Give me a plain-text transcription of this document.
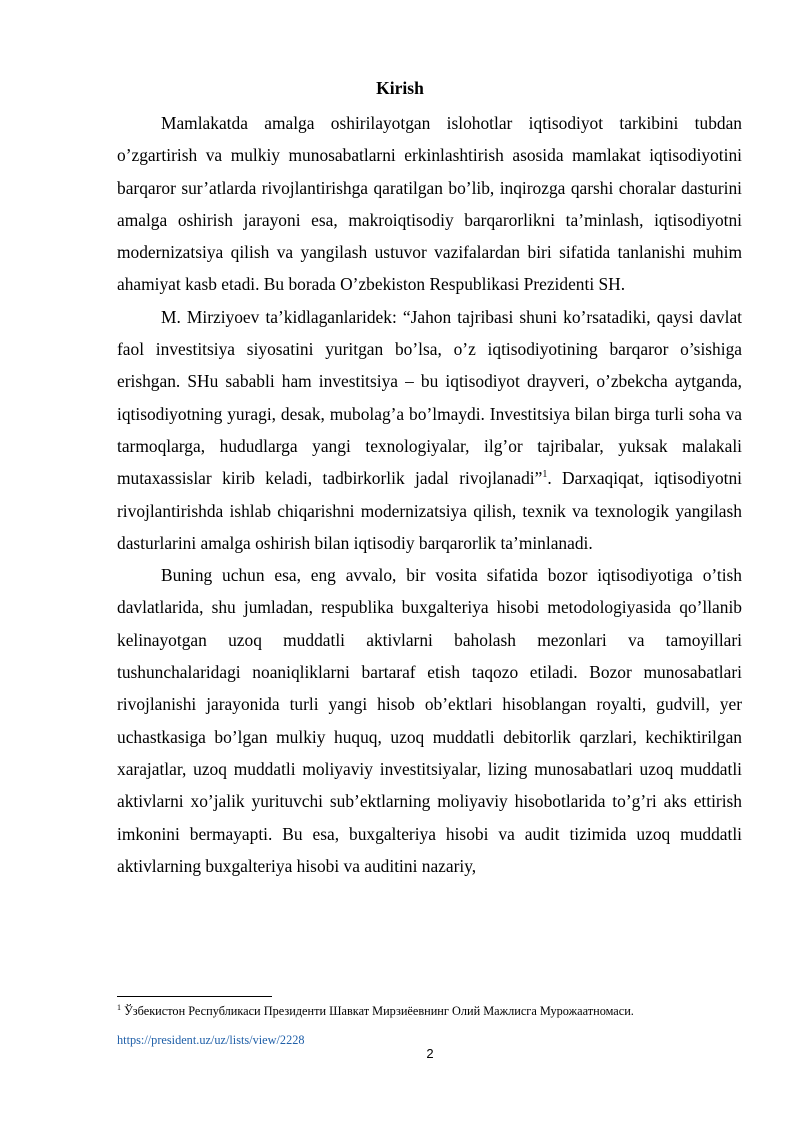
Kirish

Mamlakatda amalga oshirilayotgan islohotlar iqtisodiyot tarkibini tubdan o’zgartirish va mulkiy munosabatlarni erkinlashtirish asosida mamlakat iqtisodiyotini barqaror sur’atlarda rivojlantirishga qaratilgan bo’lib, inqirozga qarshi choralar dasturini amalga oshirish jarayoni esa, makroiqtisodiy barqarorlikni ta’minlash, iqtisodiyotni modernizatsiya qilish va yangilash ustuvor vazifalardan biri sifatida tanlanishi muhim ahamiyat kasb etadi. Bu borada O’zbekiston Respublikasi Prezidenti SH.

M. Mirziyoev ta’kidlaganlaridek: “Jahon tajribasi shuni ko’rsatadiki, qaysi davlat faol investitsiya siyosatini yuritgan bo’lsa, o’z iqtisodiyotining barqaror o’sishiga erishgan. SHu sababli ham investitsiya – bu iqtisodiyot drayveri, o’zbekcha aytganda, iqtisodiyotning yuragi, desak, mubolag’a bo’lmaydi. Investitsiya bilan birga turli soha va tarmoqlarga, hududlarga yangi texnologiyalar, ilg’or tajribalar, yuksak malakali mutaxassislar kirib keladi, tadbirkorlik jadal rivojlanadi”$^1$. Darxaqiqat, iqtisodiyotni rivojlantirishda ishlab chiqarishni modernizatsiya qilish, texnik va texnologik yangilash dasturlarini amalga oshirish bilan iqtisodiy barqarorlik ta’minlanadi.

Buning uchun esa, eng avvalo, bir vosita sifatida bozor iqtisodiyotiga o’tish davlatlarida, shu jumladan, respublika buxgalteriya hisobi metodologiyasida qo’llanib kelinayotgan uzoq muddatli aktivlarni baholash mezonlari va tamoyillari tushunchalaridagi noaniqliklarni bartaraf etish taqozo etiladi. Bozor munosabatlari rivojlanishi jarayonida turli yangi hisob ob’ektlari hisoblangan royalti, gudvill, yer uchastkasiga bo’lgan mulkiy huquq, uzoq muddatli debitorlik qarzlari, kechiktirilgan xarajatlar, uzoq muddatli moliyaviy investitsiyalar, lizing munosabatlari uzoq muddatli aktivlarni xo’jalik yurituvchi sub’ektlarning moliyaviy hisobotlarida to’g’ri aks ettirish imkonini bermayapti. Bu esa, buxgalteriya hisobi va audit tizimida uzoq muddatli aktivlarning buxgalteriya hisobi va auditini nazariy,

$^1$ Ўзбекистон Республикаси Президенти Шавкат Мирзиёевнинг Олий Мажлисга Мурожаатномаси.
https://president.uz/uz/lists/view/2228
2
